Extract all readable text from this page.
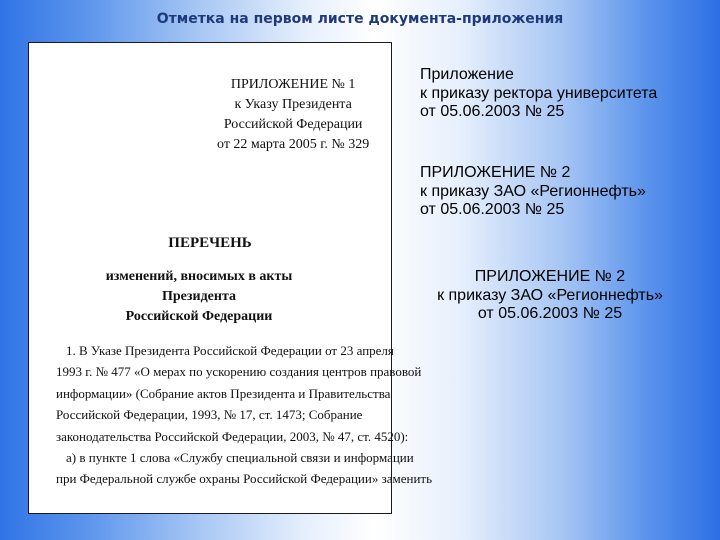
Отметка на первом листе документа-приложения
ПРИЛОЖЕНИЕ № 1
к Указу Президента
Российской Федерации
от 22 марта 2005 г. № 329
ПЕРЕЧЕНЬ
изменений, вносимых в акты Президента
Российской Федерации
1. В Указе Президента Российской Федерации от 23 апреля
1993 г. № 477 «О мерах по ускорению создания центров правовой
информации» (Собрание актов Президента и Правительства
Российской Федерации, 1993, № 17, ст. 1473; Собрание
законодательства Российской Федерации, 2003, № 47, ст. 4520):
а) в пункте 1 слова «Службу специальной связи и информации
при Федеральной службе охраны Российской Федерации» заменить
Приложение
к приказу ректора университета
от 05.06.2003 № 25
ПРИЛОЖЕНИЕ № 2
к приказу ЗАО «Регионнефть»
от 05.06.2003 № 25
ПРИЛОЖЕНИЕ № 2
к приказу ЗАО «Регионнефть»
от 05.06.2003 № 25
